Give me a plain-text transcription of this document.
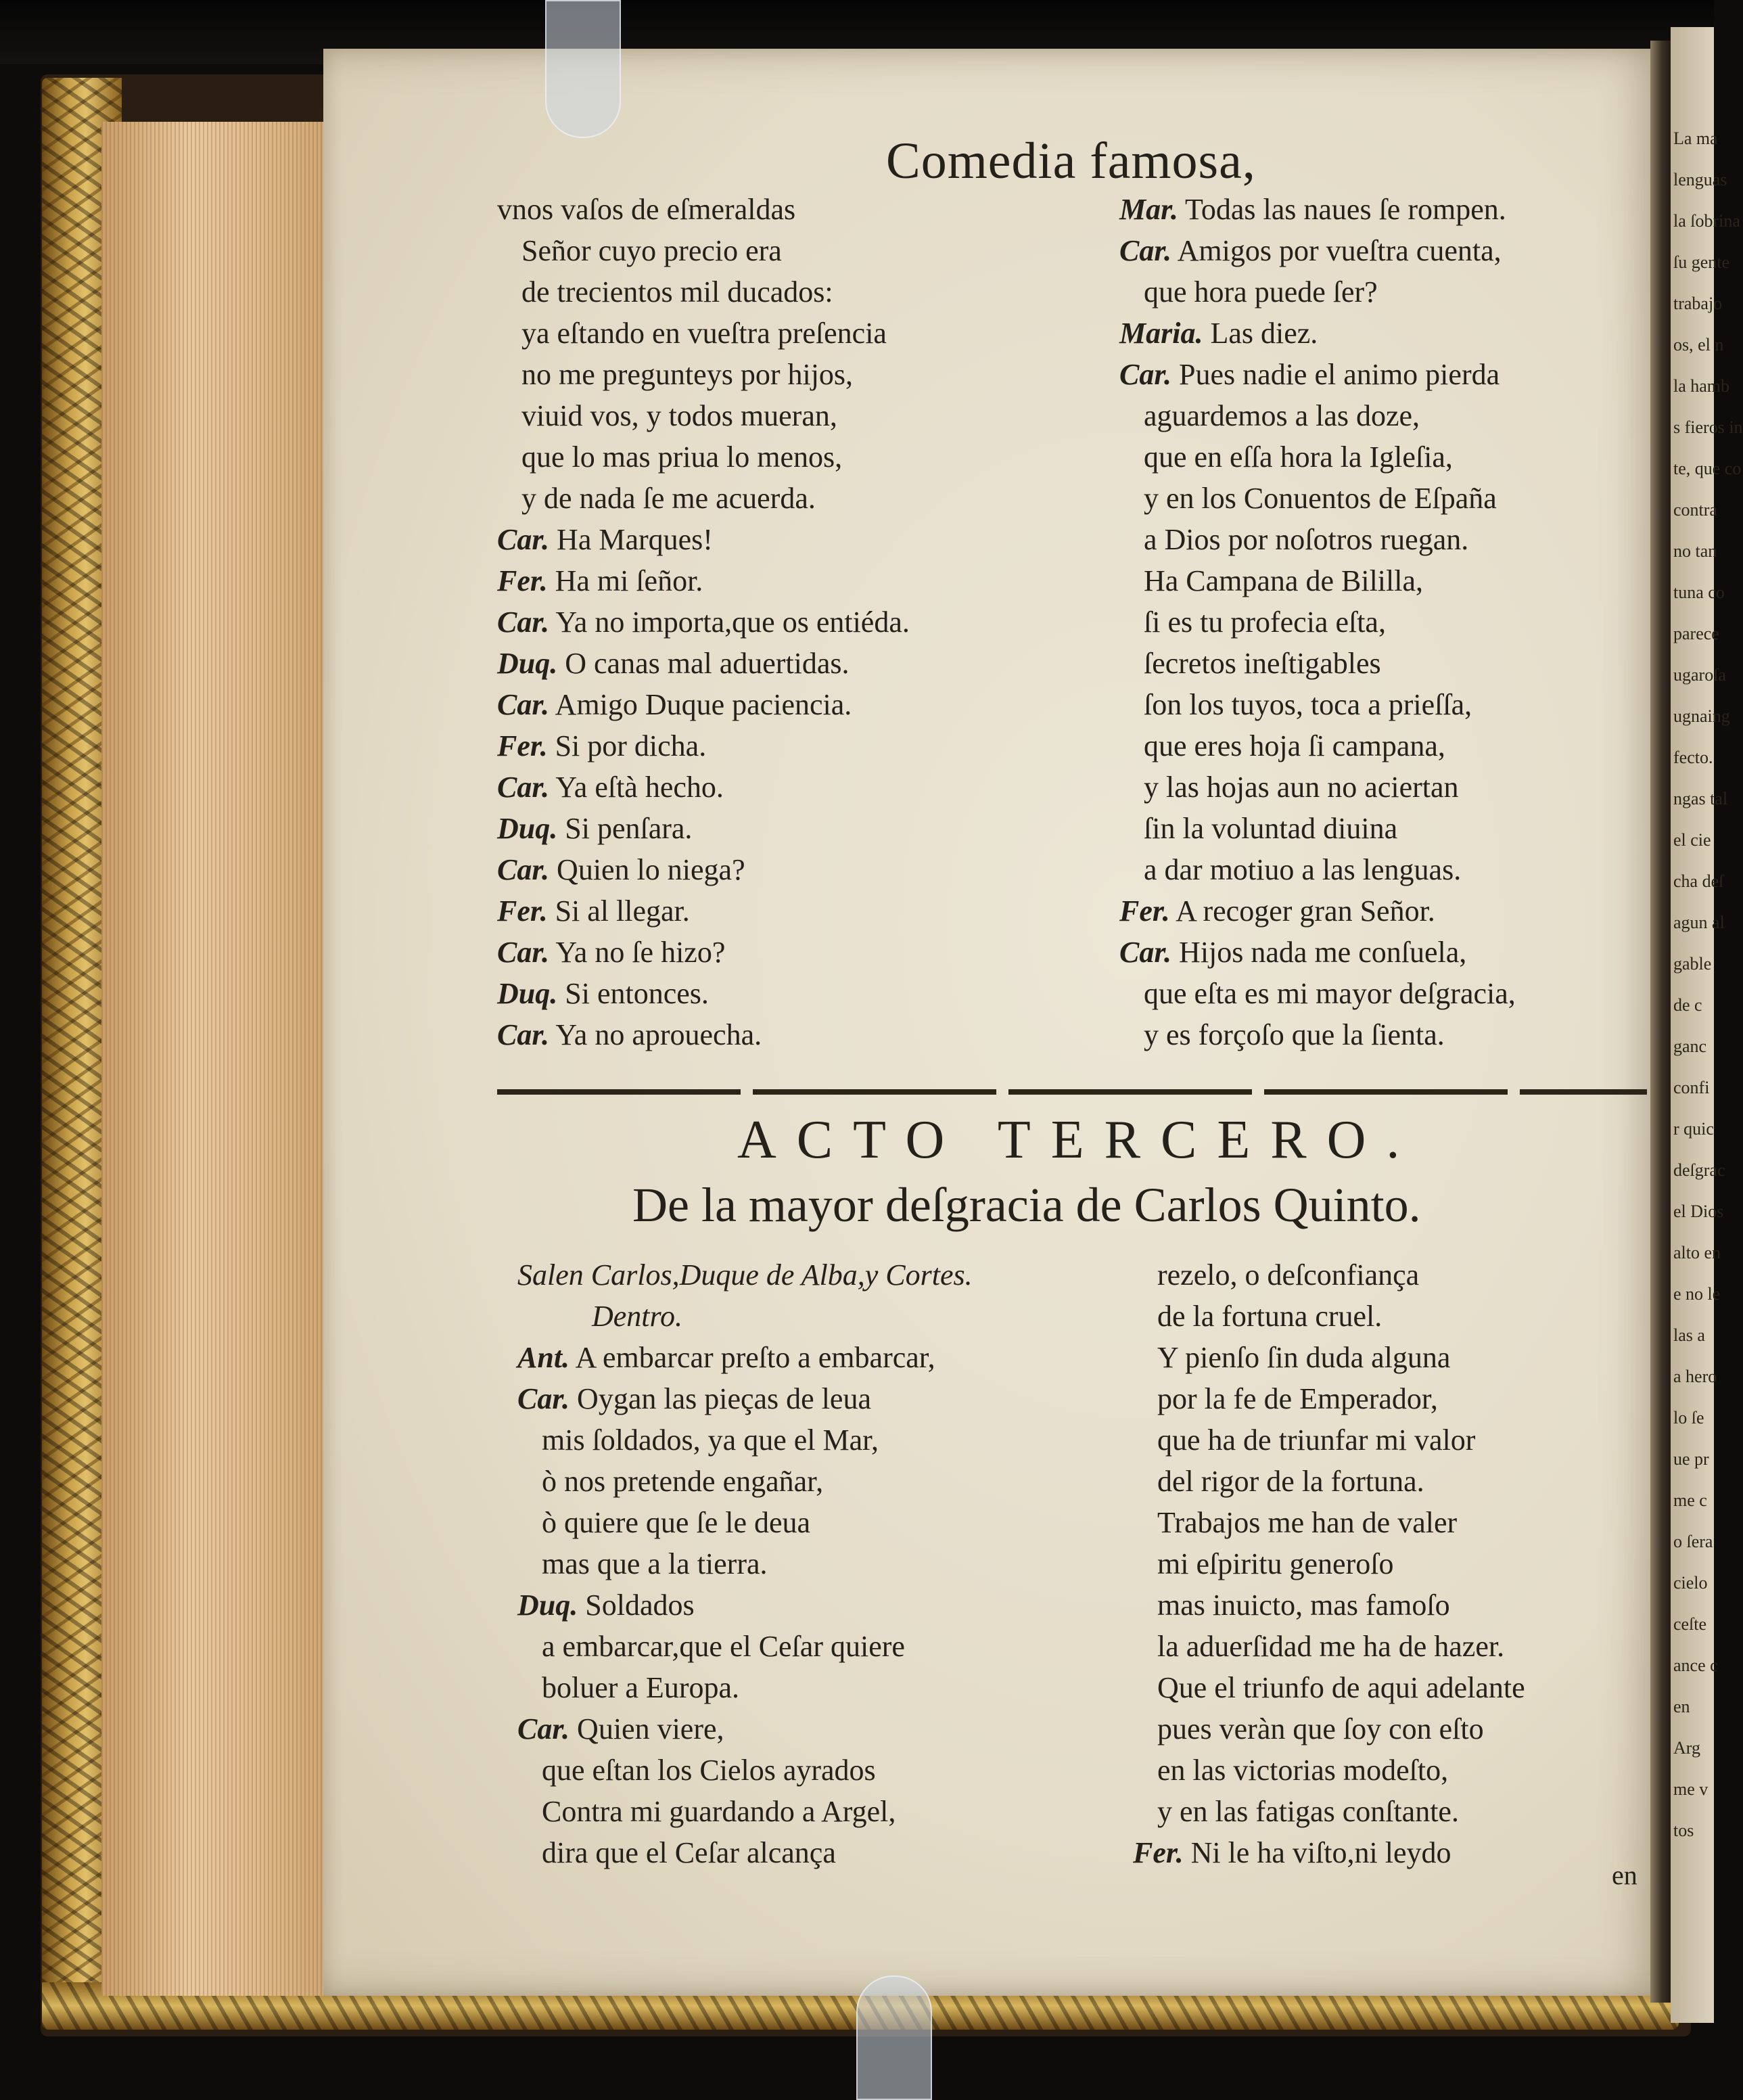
La ma
lenguas
la ſobrina
ſu gente
trabajo
os, el n
la hamb
s fieros in
te, que co
contra
no tan
tuna co
parece
ugaroſa
ugnaing
fecto.
ngas tal
el cie
cha deſ
agun al
gable
de c
ganc
confi
r quic
deſgrac
el Dios
alto en
e no le
las a
a hero
lo ſe
ue pr
me c
o ſera
cielo
ceſte
ance c
en
Arg
me v
tos
Comedia famosa,
vnos vaſos de eſmeraldas
Señor cuyo precio era
de trecientos mil ducados:
ya eſtando en vueſtra preſencia
no me pregunteys por hijos,
viuid vos, y todos mueran,
que lo mas priua lo menos,
y de nada ſe me acuerda.
Car. Ha Marques!
Fer. Ha mi ſeñor.
Car. Ya no importa,que os entiéda.
Duq. O canas mal aduertidas.
Car. Amigo Duque paciencia.
Fer. Si por dicha.
Car. Ya eſtà hecho.
Duq. Si penſara.
Car. Quien lo niega?
Fer. Si al llegar.
Car. Ya no ſe hizo?
Duq. Si entonces.
Car. Ya no aprouecha.
Mar. Todas las naues ſe rompen.
Car. Amigos por vueſtra cuenta,
que hora puede ſer?
Maria. Las diez.
Car. Pues nadie el animo pierda
aguardemos a las doze,
que en eſſa hora la Igleſia,
y en los Conuentos de Eſpaña
a Dios por noſotros ruegan.
Ha Campana de Bililla,
ſi es tu profecia eſta,
ſecretos ineſtigables
ſon los tuyos, toca a prieſſa,
que eres hoja ſi campana,
y las hojas aun no aciertan
ſin la voluntad diuina
a dar motiuo a las lenguas.
Fer. A recoger gran Señor.
Car. Hijos nada me conſuela,
que eſta es mi mayor deſgracia,
y es forçoſo que la ſienta.
ACTO TERCERO.
De la mayor deſgracia de Carlos Quinto.
Salen Carlos,Duque de Alba,y Cortes.
Dentro.
Ant. A embarcar preſto a embarcar,
Car. Oygan las pieças de leua
mis ſoldados, ya que el Mar,
ò nos pretende engañar,
ò quiere que ſe le deua
mas que a la tierra.
Duq. Soldados
a embarcar,que el Ceſar quiere
boluer a Europa.
Car. Quien viere,
que eſtan los Cielos ayrados
Contra mi guardando a Argel,
dira que el Ceſar alcança
rezelo, o deſconfiança
de la fortuna cruel.
Y pienſo ſin duda alguna
por la fe de Emperador,
que ha de triunfar mi valor
del rigor de la fortuna.
Trabajos me han de valer
mi eſpiritu generoſo
mas inuicto, mas famoſo
la aduerſidad me ha de hazer.
Que el triunfo de aqui adelante
pues veràn que ſoy con eſto
en las victorias modeſto,
y en las fatigas conſtante.
Fer. Ni le ha viſto,ni leydo
en
